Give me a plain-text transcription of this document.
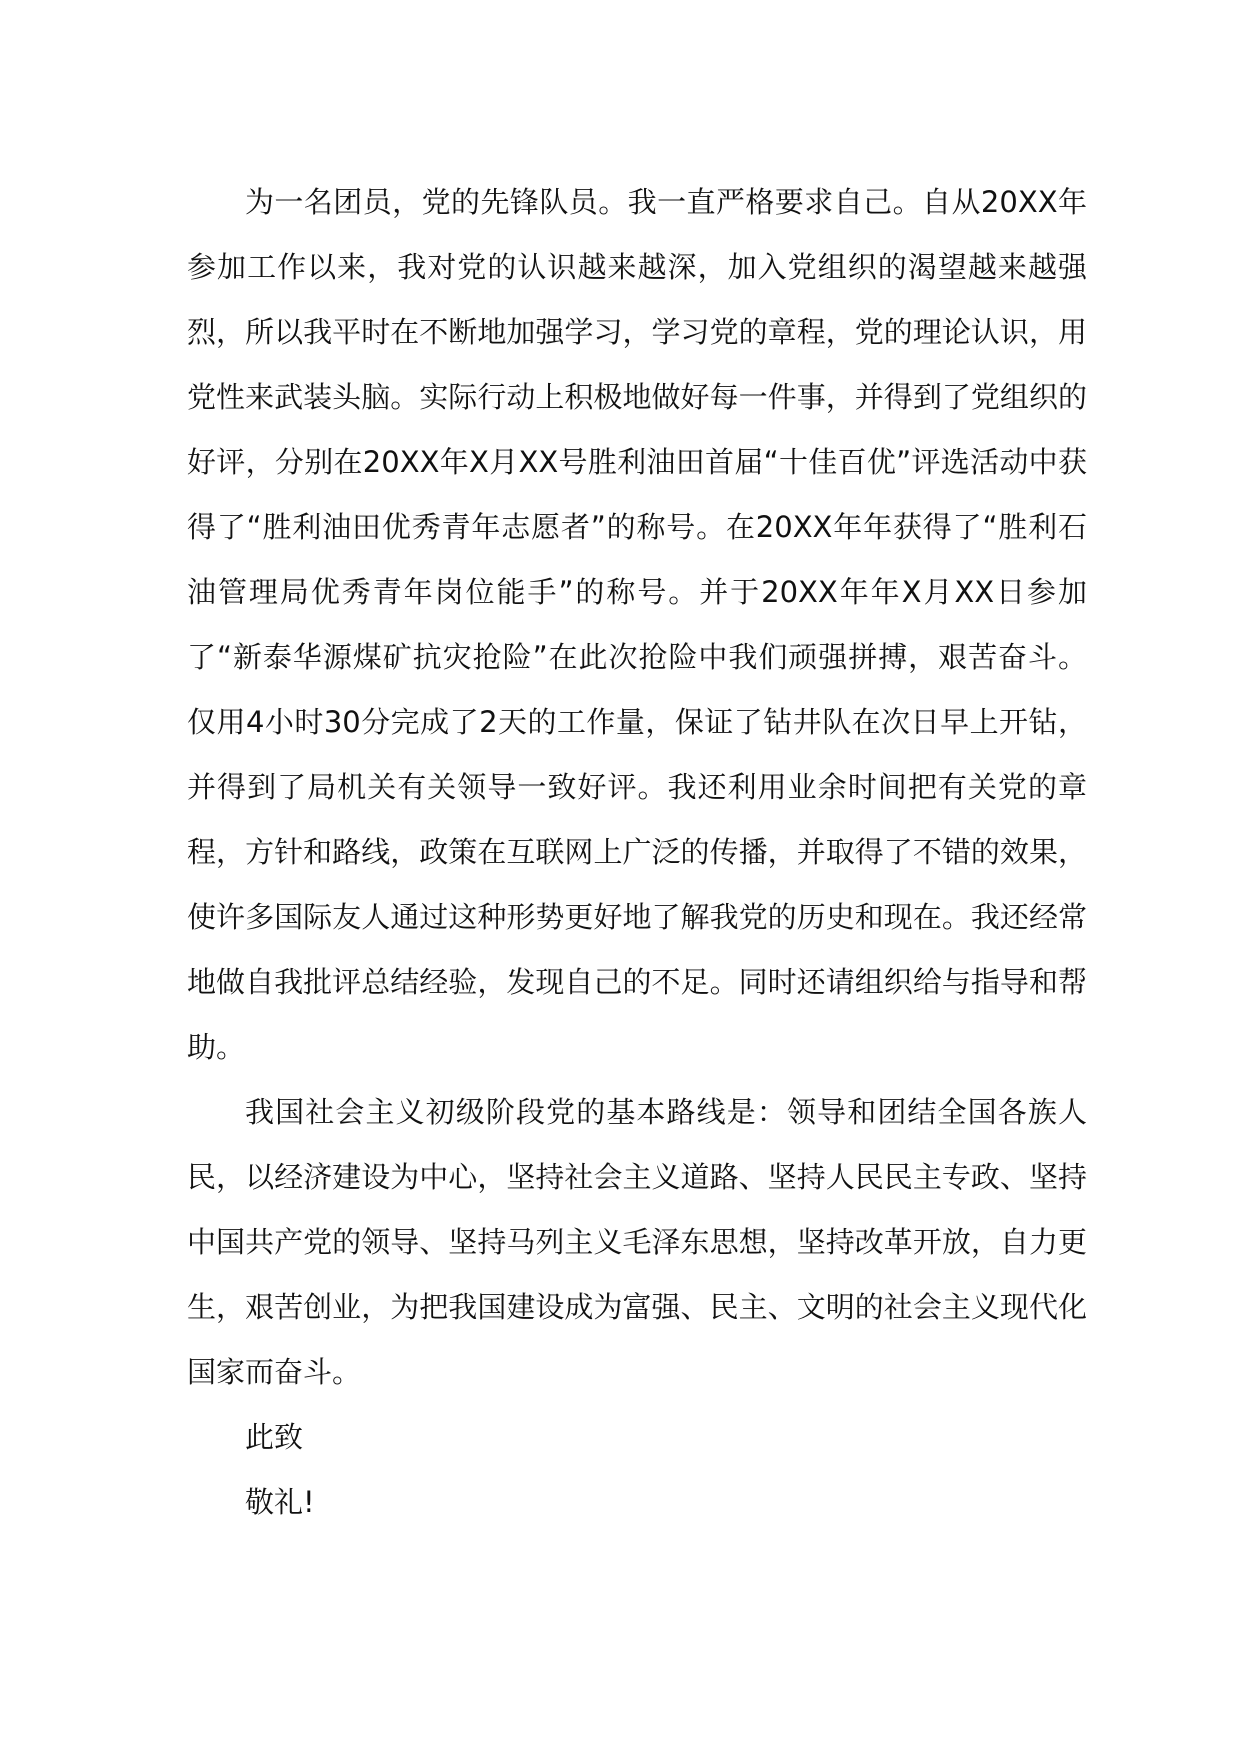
为一名团员，党的先锋队员。我一直严格要求自己。自从20XX年参加工作以来，我对党的认识越来越深，加入党组织的渴望越来越强烈，所以我平时在不断地加强学习，学习党的章程，党的理论认识，用党性来武装头脑。实际行动上积极地做好每一件事，并得到了党组织的好评，分别在20XX年X月XX号胜利油田首届“十佳百优”评选活动中获得了“胜利油田优秀青年志愿者”的称号。在20XX年年获得了“胜利石油管理局优秀青年岗位能手”的称号。并于20XX年年X月XX日参加了“新泰华源煤矿抗灾抢险”在此次抢险中我们顽强拼搏，艰苦奋斗。仅用4小时30分完成了2天的工作量，保证了钻井队在次日早上开钻，并得到了局机关有关领导一致好评。我还利用业余时间把有关党的章程，方针和路线，政策在互联网上广泛的传播，并取得了不错的效果，使许多国际友人通过这种形势更好地了解我党的历史和现在。我还经常地做自我批评总结经验，发现自己的不足。同时还请组织给与指导和帮助。

我国社会主义初级阶段党的基本路线是：领导和团结全国各族人民，以经济建设为中心，坚持社会主义道路、坚持人民民主专政、坚持中国共产党的领导、坚持马列主义毛泽东思想，坚持改革开放，自力更生，艰苦创业，为把我国建设成为富强、民主、文明的社会主义现代化国家而奋斗。

此致

敬礼!
